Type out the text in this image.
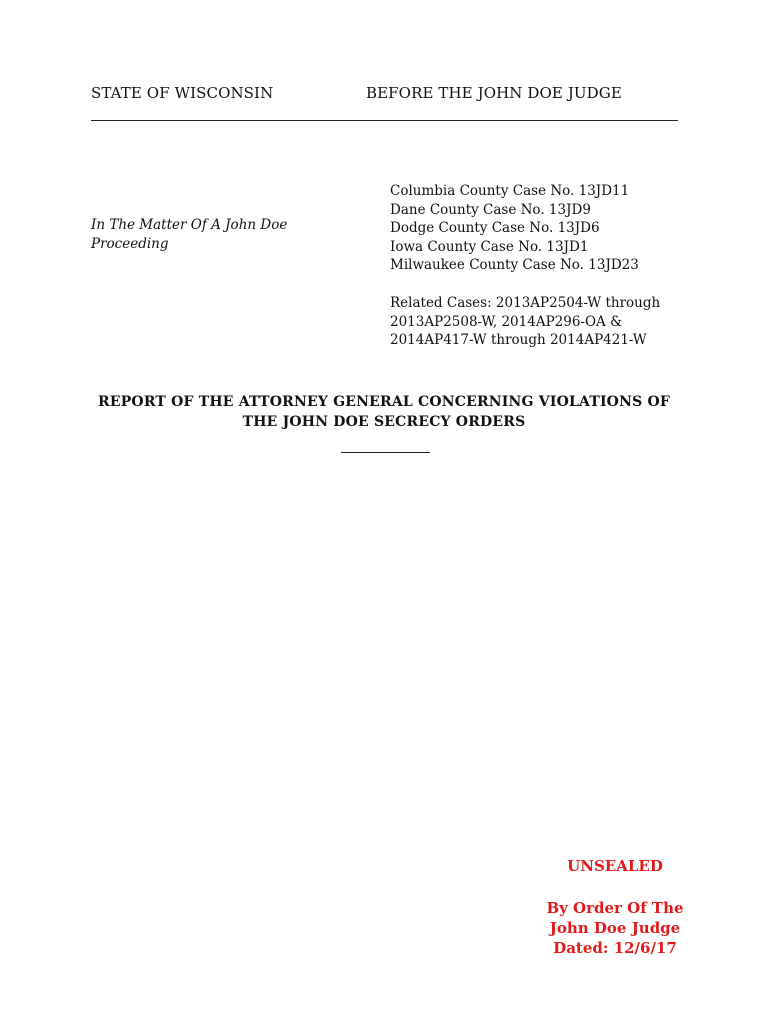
STATE OF WISCONSIN	BEFORE THE JOHN DOE JUDGE
In The Matter Of A John Doe
Proceeding
Columbia County Case No. 13JD11
Dane County Case No. 13JD9
Dodge County Case No. 13JD6
Iowa County Case No. 13JD1
Milwaukee County Case No. 13JD23
Related Cases: 2013AP2504-W through
2013AP2508-W, 2014AP296-OA &
2014AP417-W through 2014AP421-W
REPORT OF THE ATTORNEY GENERAL CONCERNING VIOLATIONS OF
THE JOHN DOE SECRECY ORDERS
UNSEALED
By Order Of The
John Doe Judge
Dated: 12/6/17
